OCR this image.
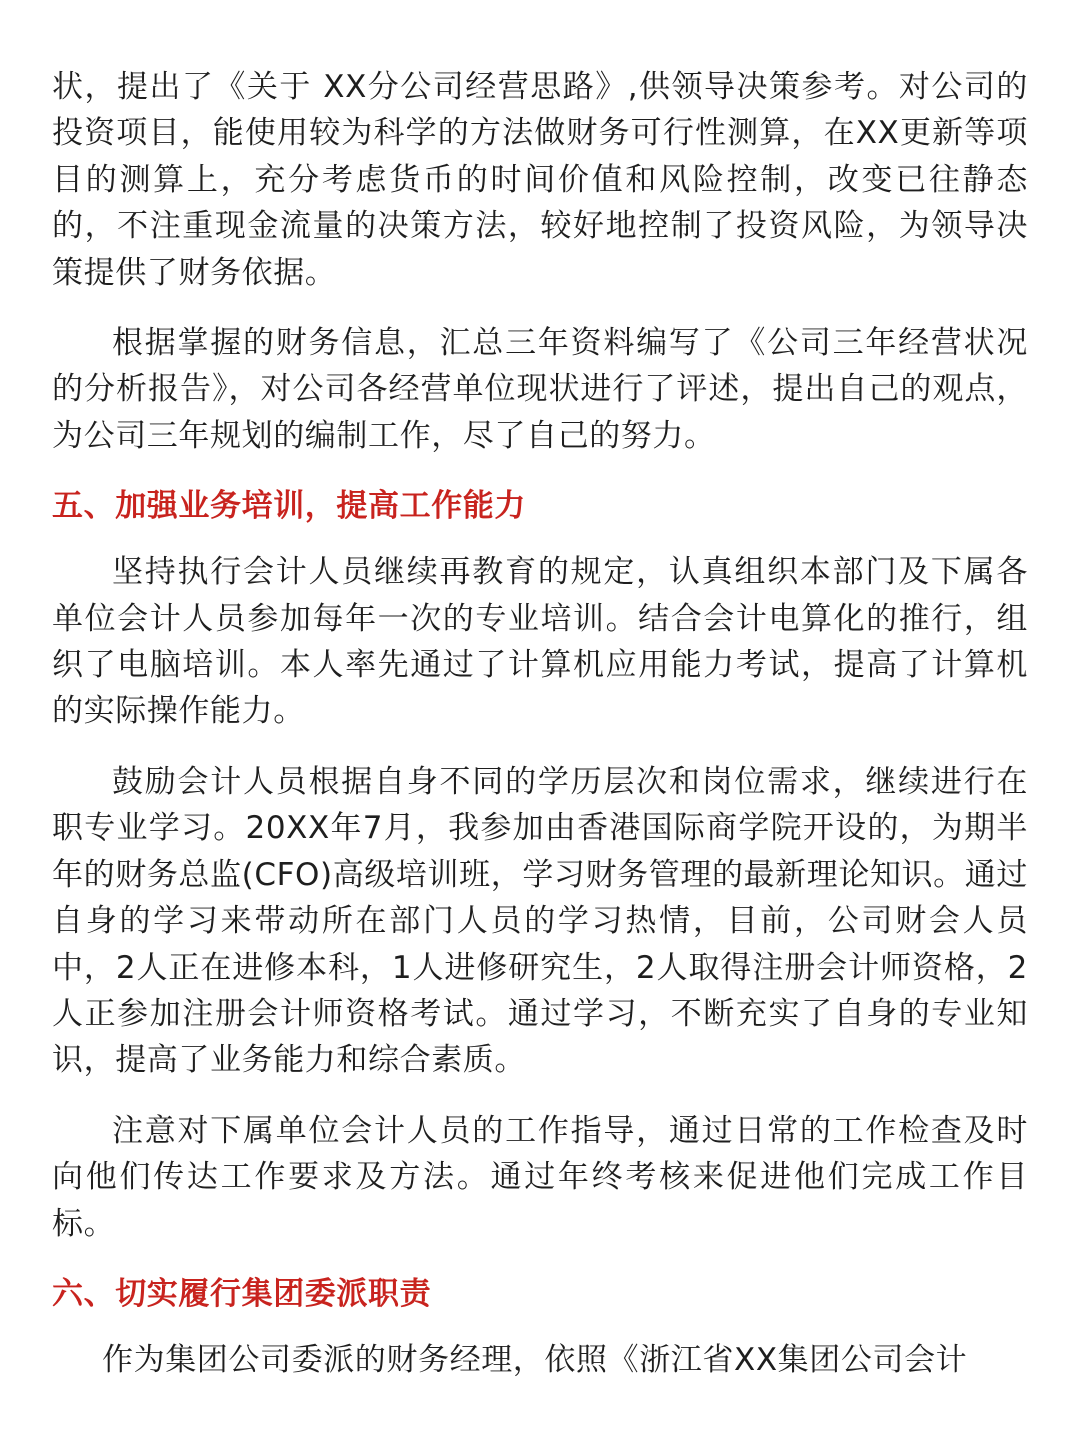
状，提出了《关于 XX分公司经营思路》,供领导决策参考。对公司的投资项目，能使用较为科学的方法做财务可行性测算，在XX更新等项目的测算上，充分考虑货币的时间价值和风险控制，改变已往静态的，不注重现金流量的决策方法，较好地控制了投资风险，为领导决策提供了财务依据。

根据掌握的财务信息，汇总三年资料编写了《公司三年经营状况的分析报告》，对公司各经营单位现状进行了评述，提出自己的观点，为公司三年规划的编制工作，尽了自己的努力。

五、加强业务培训，提高工作能力

坚持执行会计人员继续再教育的规定，认真组织本部门及下属各单位会计人员参加每年一次的专业培训。结合会计电算化的推行，组织了电脑培训。本人率先通过了计算机应用能力考试，提高了计算机的实际操作能力。

鼓励会计人员根据自身不同的学历层次和岗位需求，继续进行在职专业学习。20XX年7月，我参加由香港国际商学院开设的，为期半年的财务总监(CFO)高级培训班，学习财务管理的最新理论知识。通过自身的学习来带动所在部门人员的学习热情，目前，公司财会人员中，2人正在进修本科，1人进修研究生，2人取得注册会计师资格，2人正参加注册会计师资格考试。通过学习，不断充实了自身的专业知识，提高了业务能力和综合素质。

注意对下属单位会计人员的工作指导，通过日常的工作检查及时向他们传达工作要求及方法。通过年终考核来促进他们完成工作目标。

六、切实履行集团委派职责

作为集团公司委派的财务经理，依照《浙江省XX集团公司会计
